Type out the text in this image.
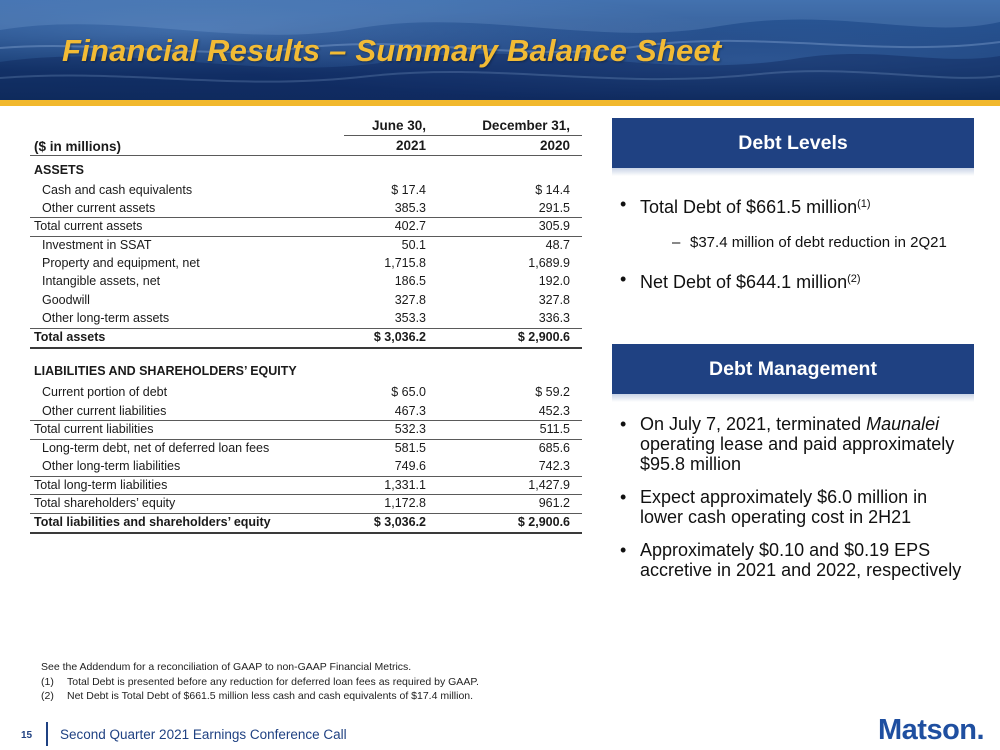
Financial Results – Summary Balance Sheet
June 30,	December 31,
2021	2020
($ in millions)
ASSETS
LIABILITIES AND SHAREHOLDERS’ EQUITY
Cash and cash equivalents	$ 17.4	$ 14.4
Other current assets	385.3	291.5
Total current assets	402.7	305.9
Investment in SSAT	50.1	48.7
Property and equipment, net	1,715.8	1,689.9
Intangible assets, net	186.5	192.0
Goodwill	327.8	327.8
Other long-term assets	353.3	336.3
Total assets	$ 3,036.2	$ 2,900.6
Current portion of debt	$ 65.0	$ 59.2
Other current liabilities	467.3	452.3
Total current liabilities	532.3	511.5
Long-term debt, net of deferred loan fees	581.5	685.6
Other long-term liabilities	749.6	742.3
Total long-term liabilities	1,331.1	1,427.9
Total shareholders’ equity	1,172.8	961.2
Total liabilities and shareholders’ equity	$ 3,036.2	$ 2,900.6
Debt Levels
• Total Debt of $661.5 million$^{(1)}$
– $37.4 million of debt reduction in 2Q21
• Net Debt of $644.1 million$^{(2)}$
Debt Management
• On July 7, 2021, terminated Maunalei operating lease and paid approximately $95.8 million
• Expect approximately $6.0 million in lower cash operating cost in 2H21
• Approximately $0.10 and $0.19 EPS accretive in 2021 and 2022, respectively
See the Addendum for a reconciliation of GAAP to non-GAAP Financial Metrics.
(1) Total Debt is presented before any reduction for deferred loan fees as required by GAAP.
(2) Net Debt is Total Debt of $661.5 million less cash and cash equivalents of $17.4 million.
15 Second Quarter 2021 Earnings Conference Call	Matson.
